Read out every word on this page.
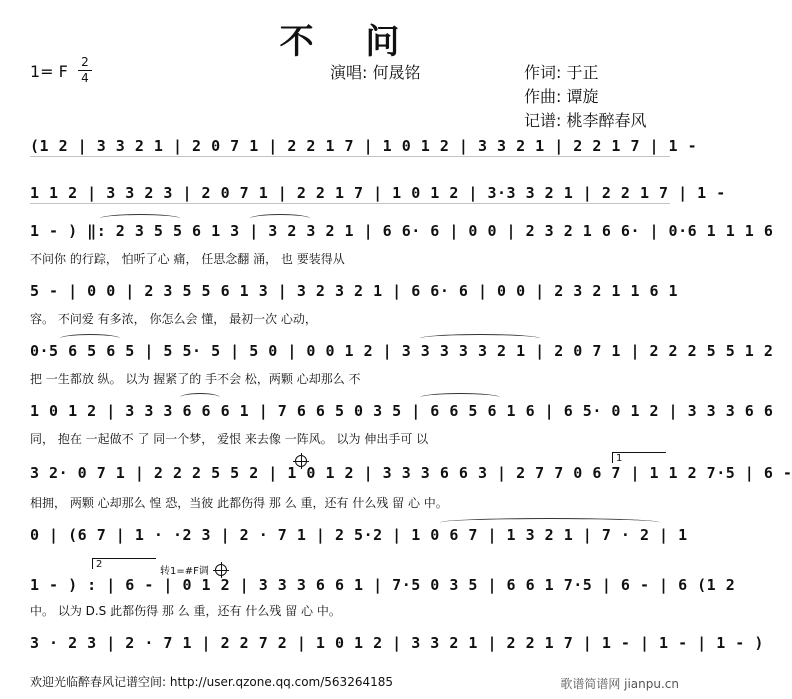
不 问
1= F 2
4	演唱: 何晟铭	作词: 于正
作曲: 谭旋
记谱: 桃李醉春风
(1 2 | 3 3 2 1 | 2 0 7 1 | 2 2 1 7 | 1 0 1 2 | 3 3 2 1 | 2 2 1 7 | 1 -
1 1 2 | 3 3 2 3 | 2 0 7 1 | 2 2 1 7 | 1 0 1 2 | 3·3 3 2 1 | 2 2 1 7 | 1 -
1 - ) ‖: 2 3 5 5 6 1 3 | 3 2 3 2 1 | 6 6· 6 | 0 0 | 2 3 2 1 6 6· | 0·6 1 1 1 6
不问你 的行踪， 怕听了心 痛， 任思念翻 涌， 也 要装得从
5 - | 0 0 | 2 3 5 5 6 1 3 | 3 2 3 2 1 | 6 6· 6 | 0 0 | 2 3 2 1 1 6 1
容。 不问爱 有多浓， 你怎么会 懂， 最初一次 心动，
0·5 6 5 6 5 | 5 5· 5 | 5 0 | 0 0 1 2 | 3 3 3 3 3 2 1 | 2 0 7 1 | 2 2 2 5 5 1 2
把 一生都放 纵。 以为 握紧了的 手不会 松，两颗 心却那么 不
1 0 1 2 | 3 3 3 6 6 6 1 | 7 6 6 5 0 3 5 | 6 6 5 6 1 6 | 6 5· 0 1 2 | 3 3 3 6 6
同， 抱在 一起做不 了 同一个梦， 爱恨 来去像 一阵风。 以为 伸出手可 以
1
3 2· 0 7 1 | 2 2 2 5 5 2 | 1 0 1 2 | 3 3 3 6 6 3 | 2 7 7 0 6 7 | 1 1 2 7·5 | 6 -
相拥， 两颗 心却那么 惶 恐，当彼 此都伤得 那 么 重，还有 什么残 留 心 中。
0 | (6 7 | 1 · ·2 3 | 2 · 7 1 | 2 5·2 | 1 0 6 7 | 1 3 2 1 | 7 · 2 | 1
2
转1=#F调
1 - ) : | 6 - | 0 1 2 | 3 3 3 6 6 1 | 7·5 0 3 5 | 6 6 1 7·5 | 6 - | 6 (1 2
中。 以为 D.S 此都伤得 那 么 重，还有 什么残 留 心 中。
3 · 2 3 | 2 · 7 1 | 2 2 7 2 | 1 0 1 2 | 3 3 2 1 | 2 2 1 7 | 1 - | 1 - | 1 - )
欢迎光临醉春风记谱空间: http://user.qzone.qq.com/563264185	歌谱简谱网 jianpu.cn
